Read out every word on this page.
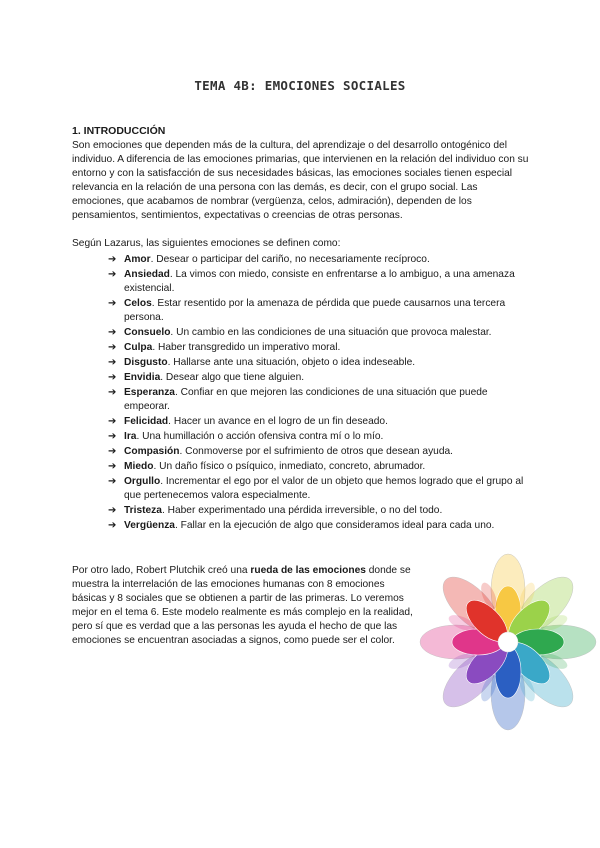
TEMA 4B: EMOCIONES SOCIALES
1. INTRODUCCIÓN

Son emociones que dependen más de la cultura, del aprendizaje o del desarrollo ontogénico del individuo. A diferencia de las emociones primarias, que intervienen en la relación del individuo con su entorno y con la satisfacción de sus necesidades básicas, las emociones sociales tienen especial relevancia en la relación de una persona con las demás, es decir, con el grupo social. Las emociones, que acabamos de nombrar (vergüenza, celos, admiración), dependen de los pensamientos, sentimientos, expectativas o creencias de otras personas.

Según Lazarus, las siguientes emociones se definen como:

➔ Amor. Desear o participar del cariño, no necesariamente recíproco.
➔ Ansiedad. La vimos con miedo, consiste en enfrentarse a lo ambiguo, a una amenaza existencial.
➔ Celos. Estar resentido por la amenaza de pérdida que puede causarnos una tercera persona.
➔ Consuelo. Un cambio en las condiciones de una situación que provoca malestar.
➔ Culpa. Haber transgredido un imperativo moral.
➔ Disgusto. Hallarse ante una situación, objeto o idea indeseable.
➔ Envidia. Desear algo que tiene alguien.
➔ Esperanza. Confiar en que mejoren las condiciones de una situación que puede empeorar.
➔ Felicidad. Hacer un avance en el logro de un fin deseado.
➔ Ira. Una humillación o acción ofensiva contra mí o lo mío.
➔ Compasión. Conmoverse por el sufrimiento de otros que desean ayuda.
➔ Miedo. Un daño físico o psíquico, inmediato, concreto, abrumador.
➔ Orgullo. Incrementar el ego por el valor de un objeto que hemos logrado que el grupo al que pertenecemos valora especialmente.
➔ Tristeza. Haber experimentado una pérdida irreversible, o no del todo.
➔ Vergüenza. Fallar en la ejecución de algo que consideramos ideal para cada uno.

Por otro lado, Robert Plutchik creó una rueda de las emociones donde se muestra la interrelación de las emociones humanas con 8 emociones básicas y 8 sociales que se obtienen a partir de las primeras. Lo veremos mejor en el tema 6. Este modelo realmente es más complejo en la realidad, pero sí que es verdad que a las personas les ayuda el hecho de que las emociones se encuentran asociadas a signos, como puede ser el color.
